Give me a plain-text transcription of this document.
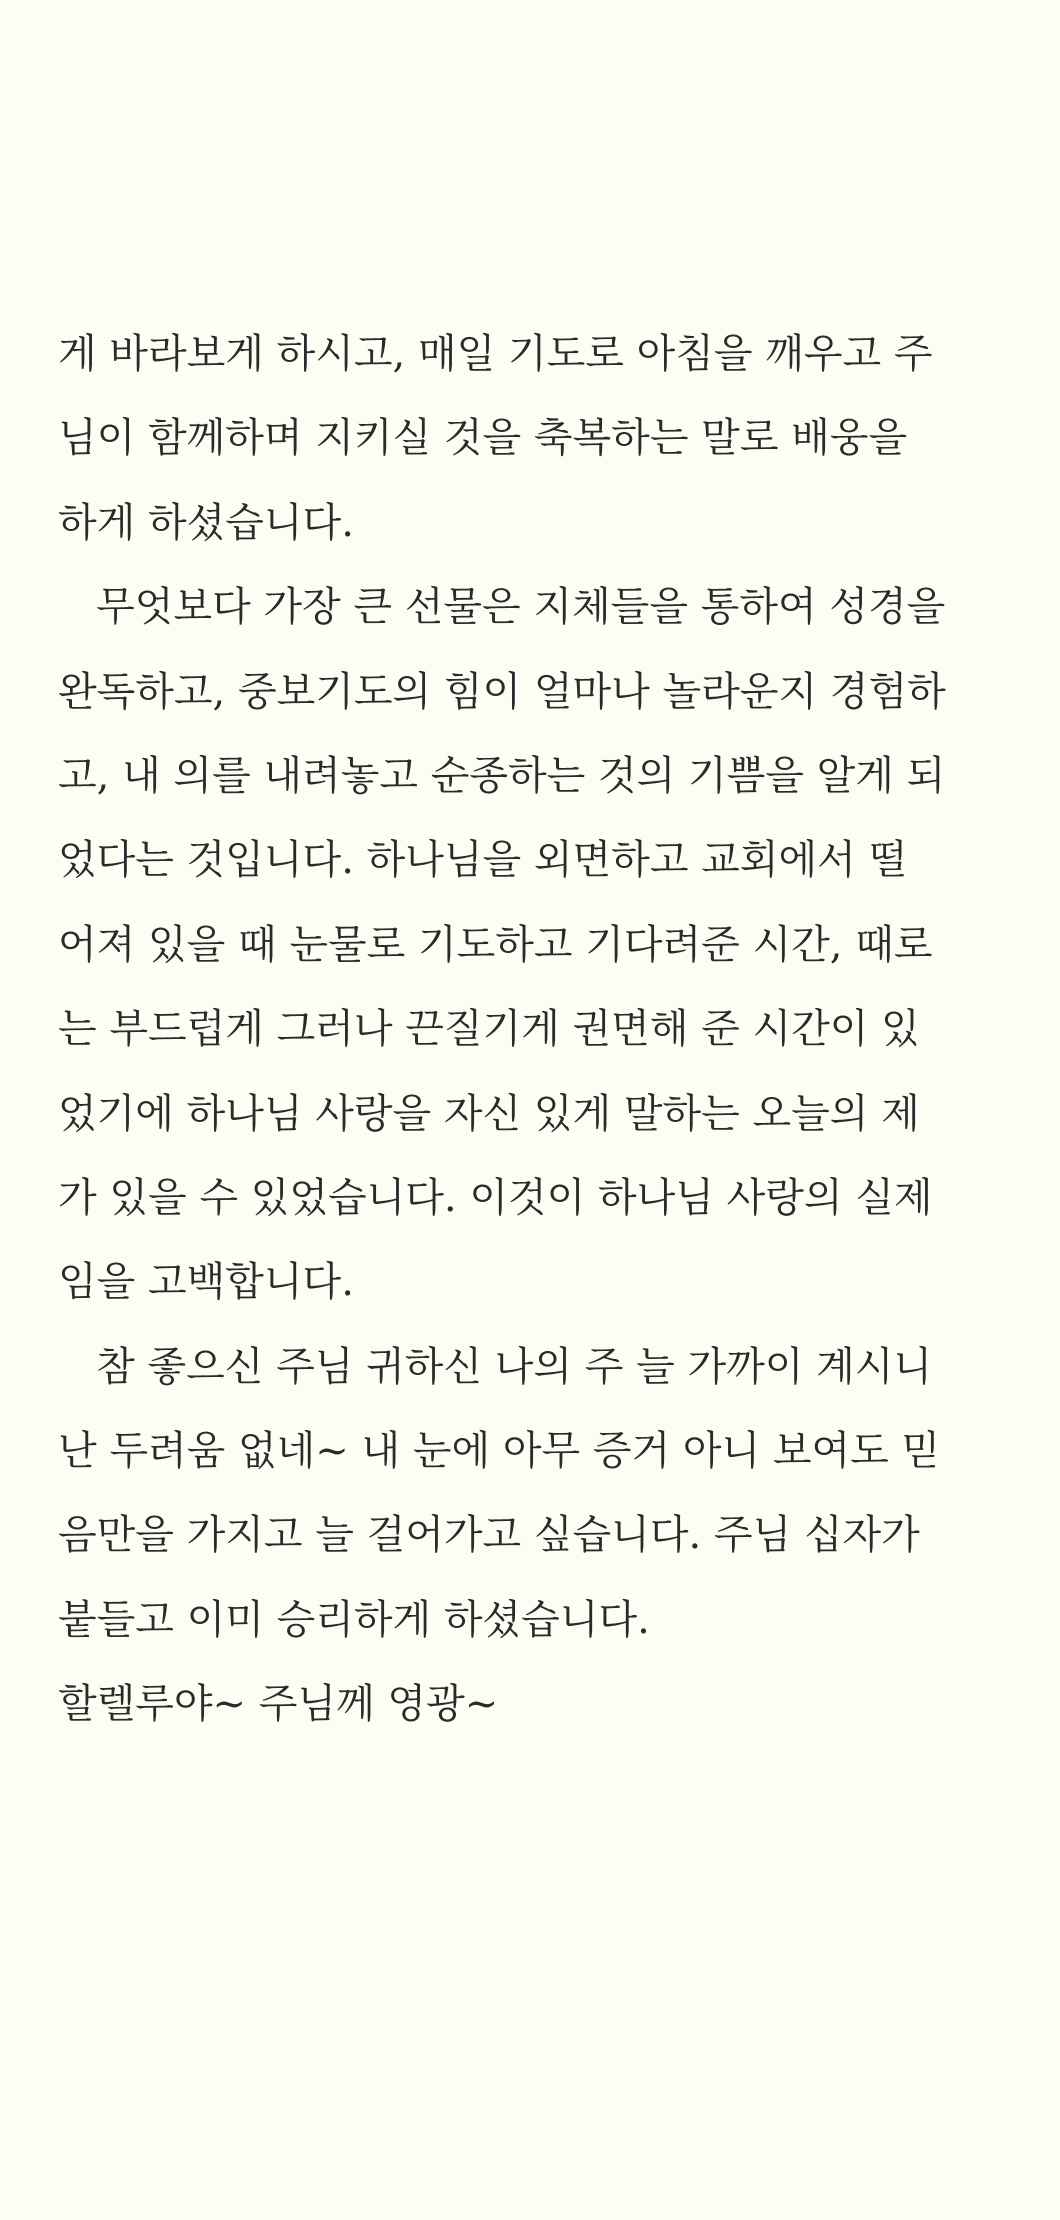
게 바라보게 하시고, 매일 기도로 아침을 깨우고 주
님이 함께하며 지키실 것을 축복하는 말로 배웅을
하게 하셨습니다.
무엇보다 가장 큰 선물은 지체들을 통하여 성경을
완독하고, 중보기도의 힘이 얼마나 놀라운지 경험하
고, 내 의를 내려놓고 순종하는 것의 기쁨을 알게 되
었다는 것입니다. 하나님을 외면하고 교회에서 떨
어져 있을 때 눈물로 기도하고 기다려준 시간, 때로
는 부드럽게 그러나 끈질기게 권면해 준 시간이 있
었기에 하나님 사랑을 자신 있게 말하는 오늘의 제
가 있을 수 있었습니다. 이것이 하나님 사랑의 실제
임을 고백합니다.
참 좋으신 주님 귀하신 나의 주 늘 가까이 계시니
난 두려움 없네~ 내 눈에 아무 증거 아니 보여도 믿
음만을 가지고 늘 걸어가고 싶습니다. 주님 십자가
붙들고 이미 승리하게 하셨습니다.
할렐루야~ 주님께 영광~
